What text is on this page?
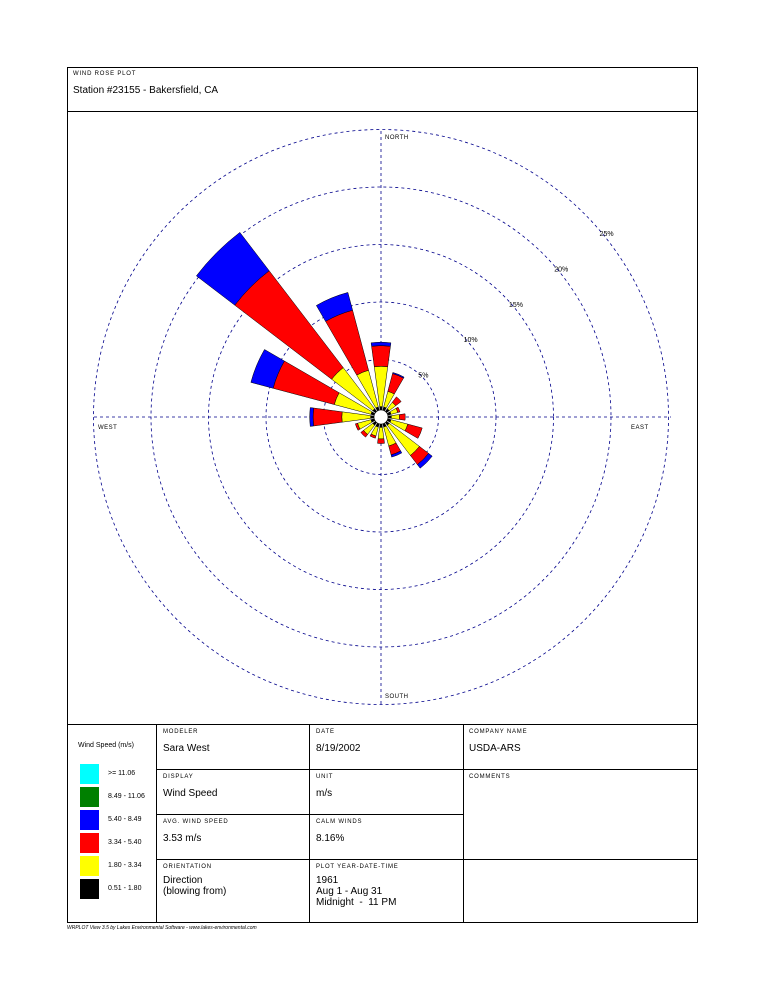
WIND ROSE PLOT
Station #23155 - Bakersfield, CA
NORTH
SOUTH
EAST
WEST
5%
10%
15%
20%
25%
Wind Speed (m/s)
>= 11.06
8.49 - 11.06
5.40 - 8.49
3.34 - 5.40
1.80 - 3.34
0.51 - 1.80
MODELER
Sara West
DATE
8/19/2002
COMPANY NAME
USDA-ARS
DISPLAY
Wind Speed
UNIT
m/s
COMMENTS
AVG. WIND SPEED
3.53 m/s
CALM WINDS
8.16%
ORIENTATION
Direction
(blowing from)
PLOT YEAR-DATE-TIME
1961
Aug 1 - Aug 31
Midnight  -  11 PM
WRPLOT View 3.5 by Lakes Environmental Software - www.lakes-environmental.com
